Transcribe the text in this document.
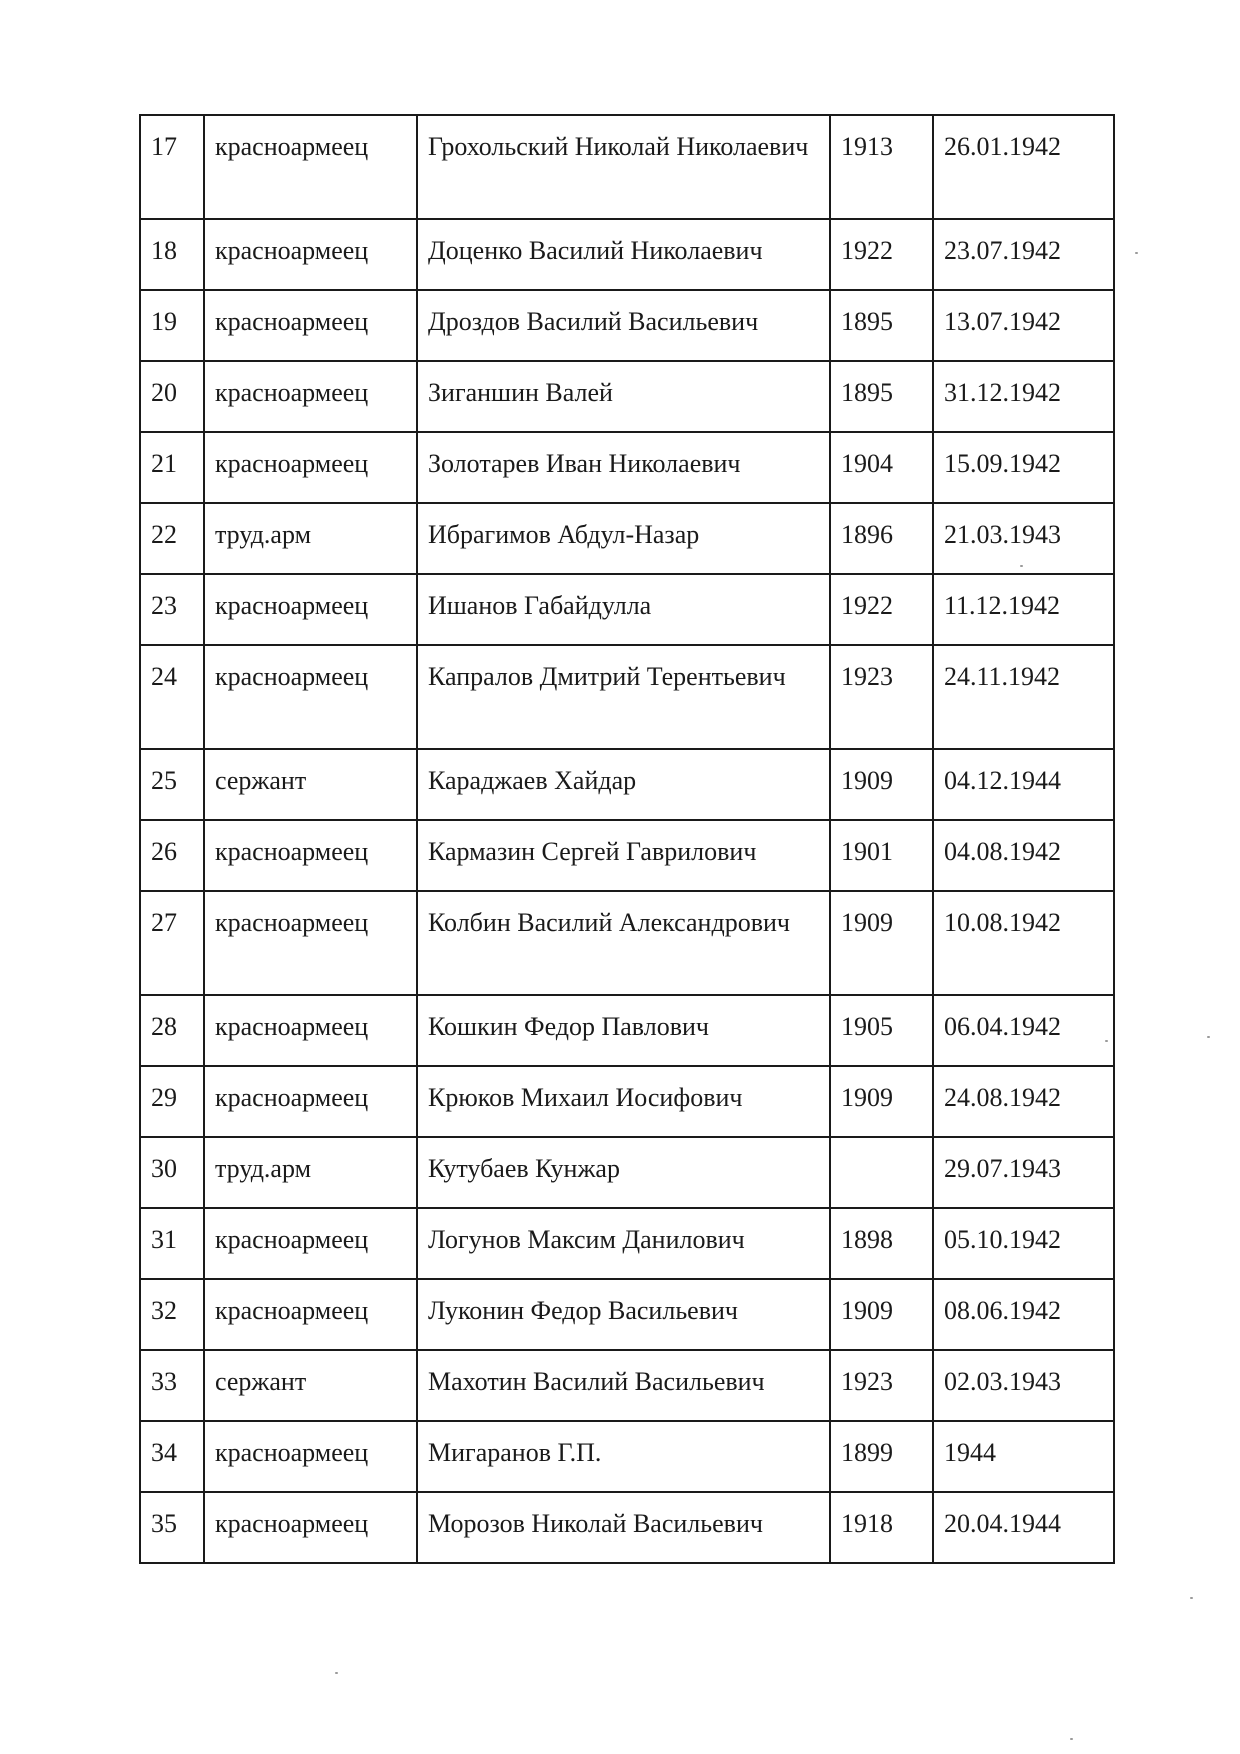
17	красноармеец	Грохольский Николай Николаевич	1913	26.01.1942
18	красноармеец	Доценко Василий Николаевич	1922	23.07.1942
19	красноармеец	Дроздов Василий Васильевич	1895	13.07.1942
20	красноармеец	Зиганшин Валей	1895	31.12.1942
21	красноармеец	Золотарев Иван Николаевич	1904	15.09.1942
22	труд.арм	Ибрагимов Абдул-Назар	1896	21.03.1943
23	красноармеец	Ишанов Габайдулла	1922	11.12.1942
24	красноармеец	Капралов Дмитрий Терентьевич	1923	24.11.1942
25	сержант	Караджаев Хайдар	1909	04.12.1944
26	красноармеец	Кармазин Сергей Гаврилович	1901	04.08.1942
27	красноармеец	Колбин Василий Александрович	1909	10.08.1942
28	красноармеец	Кошкин Федор Павлович	1905	06.04.1942
29	красноармеец	Крюков Михаил Иосифович	1909	24.08.1942
30	труд.арм	Кутубаев Кунжар		29.07.1943
31	красноармеец	Логунов Максим Данилович	1898	05.10.1942
32	красноармеец	Луконин Федор Васильевич	1909	08.06.1942
33	сержант	Махотин Василий Васильевич	1923	02.03.1943
34	красноармеец	Мигаранов Г.П.	1899	1944
35	красноармеец	Морозов Николай Васильевич	1918	20.04.1944
